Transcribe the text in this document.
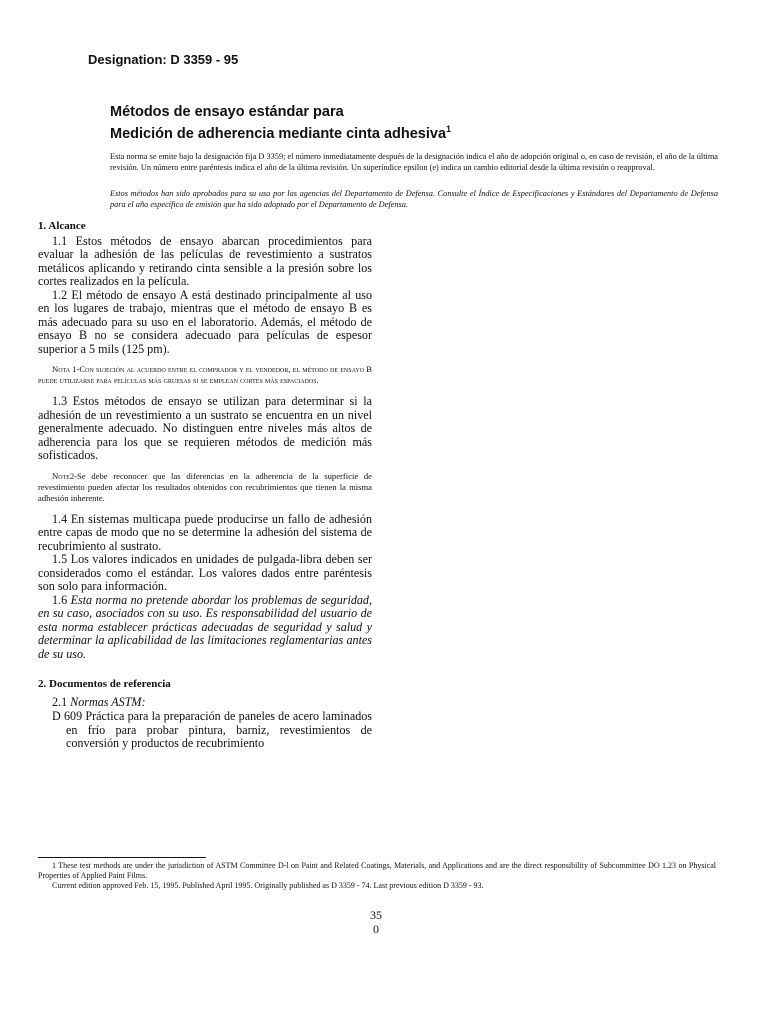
Designation: D 3359 - 95
Métodos de ensayo estándar para
Medición de adherencia mediante cinta adhesiva$^1$
Esta norma se emite bajo la designación fija D 3359; el número inmediatamente después de la designación indica el año de adopción original o, en caso de revisión, el año de la última revisión. Un número entre paréntesis indica el año de la última revisión. Un superíndice epsilon (e) indica un cambio editorial desde la última revisión o reapproval.
Estos métodos han sido aprobados para su uso por las agencias del Departamento de Defensa. Consulte el Índice de Especificaciones y Estándares del Departamento de Defensa para el año específico de emisión que ha sido adoptado por el Departamento de Defensa.
1. Alcance

1.1 Estos métodos de ensayo abarcan procedimientos para evaluar la adhesión de las películas de revestimiento a sustratos metálicos aplicando y retirando cinta sensible a la presión sobre los cortes realizados en la película.

1.2 El método de ensayo A está destinado principalmente al uso en los lugares de trabajo, mientras que el método de ensayo B es más adecuado para su uso en el laboratorio. Además, el método de ensayo B no se considera adecuado para películas de espesor superior a 5 mils (125 pm).

Nota 1-Con sujeción al acuerdo entre el comprador y el vendedor, el método de ensayo B puede utilizarse para películas más gruesas si se emplean cortes más espaciados.

1.3 Estos métodos de ensayo se utilizan para determinar si la adhesión de un revestimiento a un sustrato se encuentra en un nivel generalmente adecuado. No distinguen entre niveles más altos de adherencia para los que se requieren métodos de medición más sofisticados.

Note2-Se debe reconocer que las diferencias en la adherencia de la superficie de revestimiento pueden afectar los resultados obtenidos con recubrimientos que tienen la misma adhesión inherente.

1.4 En sistemas multicapa puede producirse un fallo de adhesión entre capas de modo que no se determine la adhesión del sistema de recubrimiento al sustrato.

1.5 Los valores indicados en unidades de pulgada-libra deben ser considerados como el estándar. Los valores dados entre paréntesis son solo para información.

1.6 Esta norma no pretende abordar los problemas de seguridad, en su caso, asociados con su uso. Es responsabilidad del usuario de esta norma establecer prácticas adecuadas de seguridad y salud y determinar la aplicabilidad de las limitaciones reglamentarias antes de su uso.

2. Documentos de referencia
2.1 Normas ASTM:

D 609 Práctica para la preparación de paneles de acero laminados en frío para probar pintura, barniz, revestimientos de conversión y productos de recubrimiento

1 These test methods are under the jurisdiction of ASTM Committee D-l on Paint and Related Coatings, Materials, and Applications and are the direct responsibility of Subcommittee DO 1.23 on Physical Properties of Applied Paint Films.
Current edition approved Feb. 15, 1995. Published April 1995. Originally published as D 3359 - 74. Last previous edition D 3359 - 93.
35
0
